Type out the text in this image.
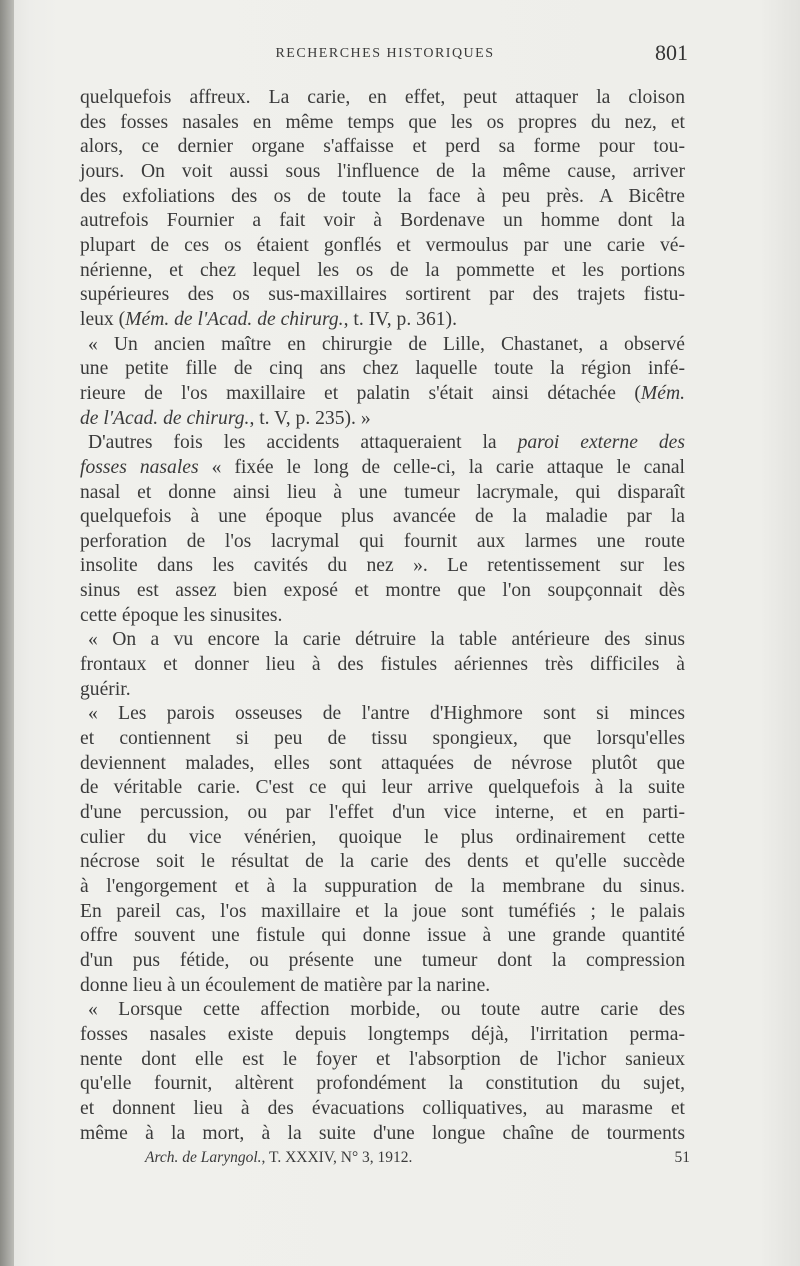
RECHERCHES HISTORIQUES	801
quelquefois affreux. La carie, en effet, peut attaquer la cloison
des fosses nasales en même temps que les os propres du nez, et
alors, ce dernier organe s'affaisse et perd sa forme pour tou-
jours. On voit aussi sous l'influence de la même cause, arriver
des exfoliations des os de toute la face à peu près. A Bicêtre
autrefois Fournier a fait voir à Bordenave un homme dont la
plupart de ces os étaient gonflés et vermoulus par une carie vé-
nérienne, et chez lequel les os de la pommette et les portions
supérieures des os sus-maxillaires sortirent par des trajets fistu-
leux (Mém. de l'Acad. de chirurg., t. IV, p. 361).
« Un ancien maître en chirurgie de Lille, Chastanet, a observé
une petite fille de cinq ans chez laquelle toute la région infé-
rieure de l'os maxillaire et palatin s'était ainsi détachée (Mém.
de l'Acad. de chirurg., t. V, p. 235). »
D'autres fois les accidents attaqueraient la paroi externe des
fosses nasales « fixée le long de celle-ci, la carie attaque le canal
nasal et donne ainsi lieu à une tumeur lacrymale, qui disparaît
quelquefois à une époque plus avancée de la maladie par la
perforation de l'os lacrymal qui fournit aux larmes une route
insolite dans les cavités du nez ». Le retentissement sur les
sinus est assez bien exposé et montre que l'on soupçonnait dès
cette époque les sinusites.
« On a vu encore la carie détruire la table antérieure des sinus
frontaux et donner lieu à des fistules aériennes très difficiles à
guérir.
« Les parois osseuses de l'antre d'Highmore sont si minces
et contiennent si peu de tissu spongieux, que lorsqu'elles
deviennent malades, elles sont attaquées de névrose plutôt que
de véritable carie. C'est ce qui leur arrive quelquefois à la suite
d'une percussion, ou par l'effet d'un vice interne, et en parti-
culier du vice vénérien, quoique le plus ordinairement cette
nécrose soit le résultat de la carie des dents et qu'elle succède
à l'engorgement et à la suppuration de la membrane du sinus.
En pareil cas, l'os maxillaire et la joue sont tuméfiés ; le palais
offre souvent une fistule qui donne issue à une grande quantité
d'un pus fétide, ou présente une tumeur dont la compression
donne lieu à un écoulement de matière par la narine.
« Lorsque cette affection morbide, ou toute autre carie des
fosses nasales existe depuis longtemps déjà, l'irritation perma-
nente dont elle est le foyer et l'absorption de l'ichor sanieux
qu'elle fournit, altèrent profondément la constitution du sujet,
et donnent lieu à des évacuations colliquatives, au marasme et
même à la mort, à la suite d'une longue chaîne de tourments
Arch. de Laryngol., T. XXXIV, N° 3, 1912.	51
